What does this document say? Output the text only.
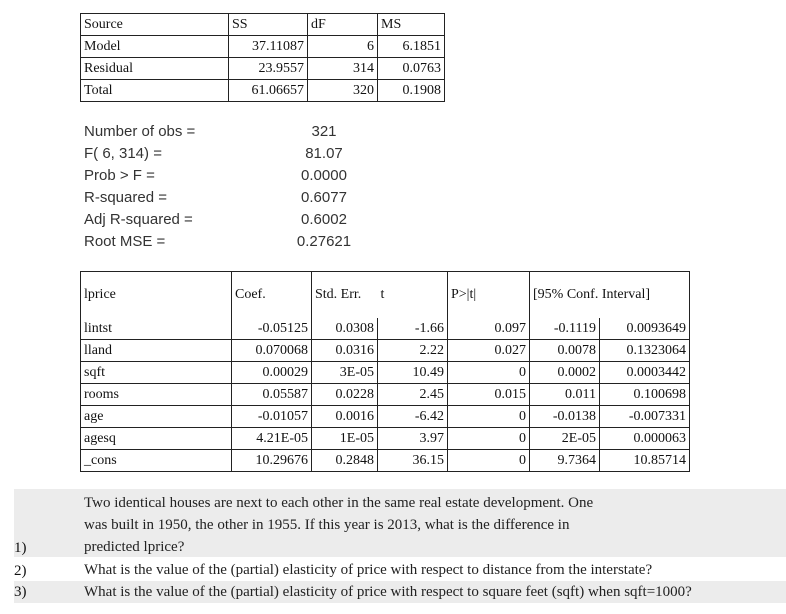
Source	SS	dF	MS
Model	37.11087	6	6.1851
Residual	23.9557	314	0.0763
Total	61.06657	320	0.1908
Number of obs =	321
F( 6, 314) =	81.07
Prob > F =	0.0000
R-squared =	0.6077
Adj R-squared =	0.6002
Root MSE =	0.27621
lprice	Coef.	Std. Err.	t	P>|t|	[95% Conf. Interval]	
lintst	-0.05125	0.0308	-1.66	0.097	-0.1119	0.0093649
lland	0.070068	0.0316	2.22	0.027	0.0078	0.1323064
sqft	0.00029	3E-05	10.49	0	0.0002	0.0003442
rooms	0.05587	0.0228	2.45	0.015	0.011	0.100698
age	-0.01057	0.0016	-6.42	0	-0.0138	-0.007331
agesq	4.21E-05	1E-05	3.97	0	2E-05	0.000063
_cons	10.29676	0.2848	36.15	0	9.7364	10.85714
1)
2)
3)
Two identical houses are next to each other in the same real estate development. One
was built in 1950, the other in 1955. If this year is 2013, what is the difference in
predicted lprice?
What is the value of the (partial) elasticity of price with respect to distance from the interstate?
What is the value of the (partial) elasticity of price with respect to square feet (sqft) when sqft=1000?
